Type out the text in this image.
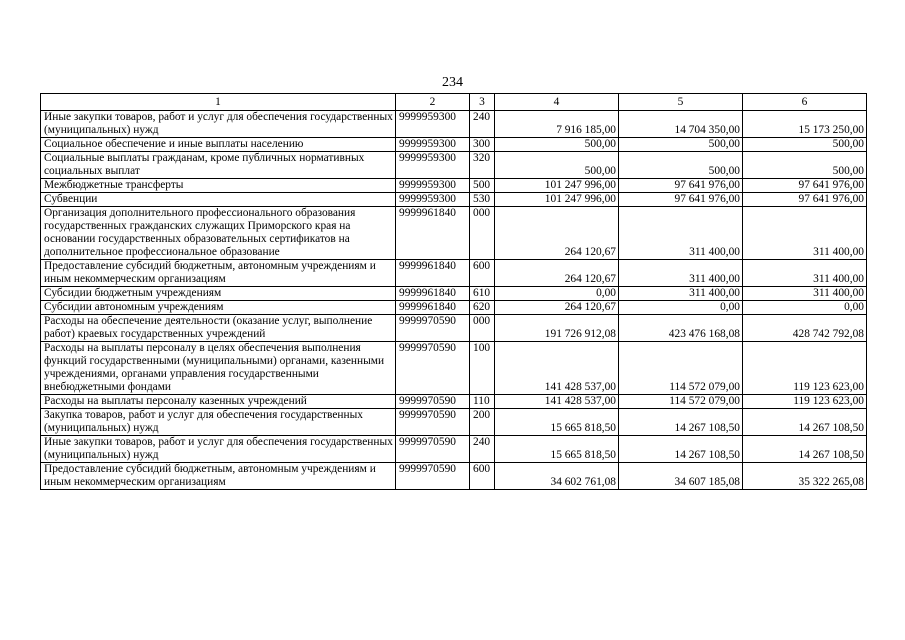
234
1	2	3	4	5	6
Иные закупки товаров, работ и услуг для обеспечения государственных (муниципальных) нужд	9999959300	240	7 916 185,00	14 704 350,00	15 173 250,00
Социальное обеспечение и иные выплаты населению	9999959300	300	500,00	500,00	500,00
Социальные выплаты гражданам, кроме публичных нормативных социальных выплат	9999959300	320	500,00	500,00	500,00
Межбюджетные трансферты	9999959300	500	101 247 996,00	97 641 976,00	97 641 976,00
Субвенции	9999959300	530	101 247 996,00	97 641 976,00	97 641 976,00
Организация дополнительного профессионального образования государственных гражданских служащих Приморского края на основании государственных образовательных сертификатов на дополнительное профессиональное образование	9999961840	000	264 120,67	311 400,00	311 400,00
Предоставление субсидий бюджетным, автономным учреждениям и иным некоммерческим организациям	9999961840	600	264 120,67	311 400,00	311 400,00
Субсидии бюджетным учреждениям	9999961840	610	0,00	311 400,00	311 400,00
Субсидии автономным учреждениям	9999961840	620	264 120,67	0,00	0,00
Расходы на обеспечение деятельности (оказание услуг, выполнение работ) краевых государственных учреждений	9999970590	000	191 726 912,08	423 476 168,08	428 742 792,08
Расходы на выплаты персоналу в целях обеспечения выполнения функций государственными (муниципальными) органами, казенными учреждениями, органами управления государственными внебюджетными фондами	9999970590	100	141 428 537,00	114 572 079,00	119 123 623,00
Расходы на выплаты персоналу казенных учреждений	9999970590	110	141 428 537,00	114 572 079,00	119 123 623,00
Закупка товаров, работ и услуг для обеспечения государственных (муниципальных) нужд	9999970590	200	15 665 818,50	14 267 108,50	14 267 108,50
Иные закупки товаров, работ и услуг для обеспечения государственных (муниципальных) нужд	9999970590	240	15 665 818,50	14 267 108,50	14 267 108,50
Предоставление субсидий бюджетным, автономным учреждениям и иным некоммерческим организациям	9999970590	600	34 602 761,08	34 607 185,08	35 322 265,08
